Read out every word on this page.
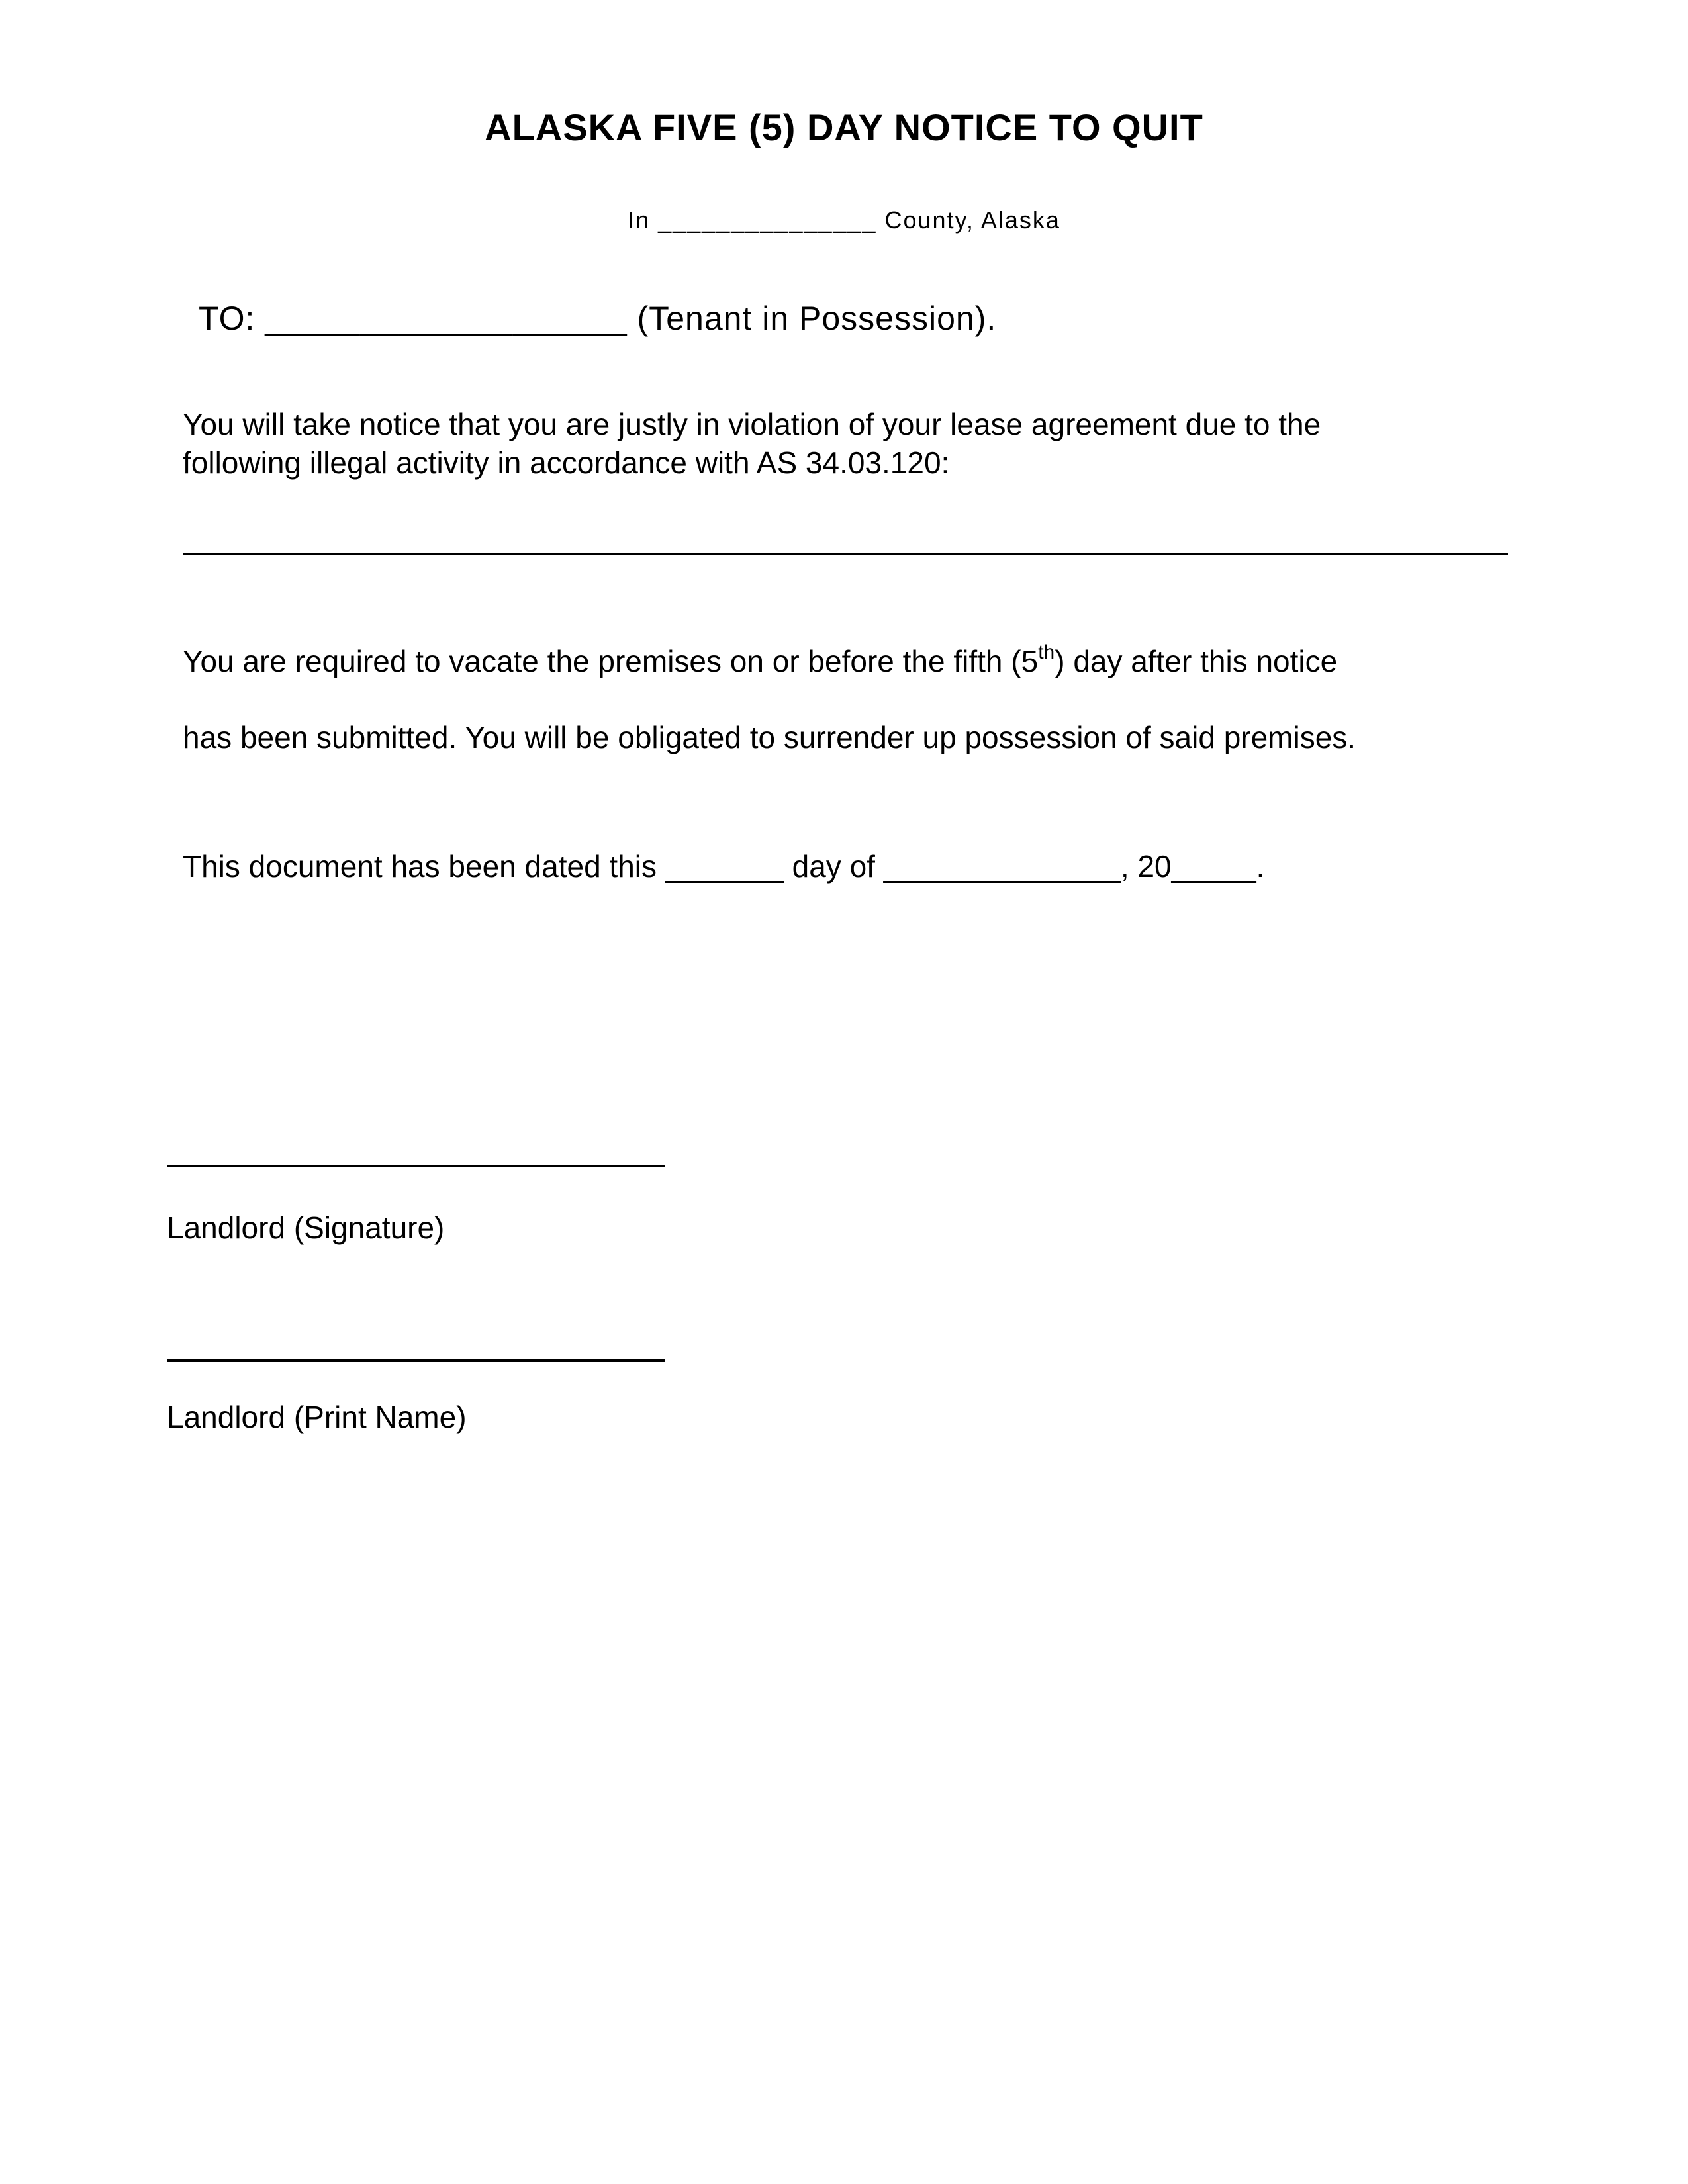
ALASKA FIVE (5) DAY NOTICE TO QUIT
In _______________ County, Alaska
TO: ___________________ (Tenant in Possession).
You will take notice that you are justly in violation of your lease agreement due to the
following illegal activity in accordance with AS 34.03.120:
You are required to vacate the premises on or before the fifth (5th) day after this notice
has been submitted. You will be obligated to surrender up possession of said premises.
This document has been dated this _______ day of ______________, 20_____.
Landlord (Signature)
Landlord (Print Name)
